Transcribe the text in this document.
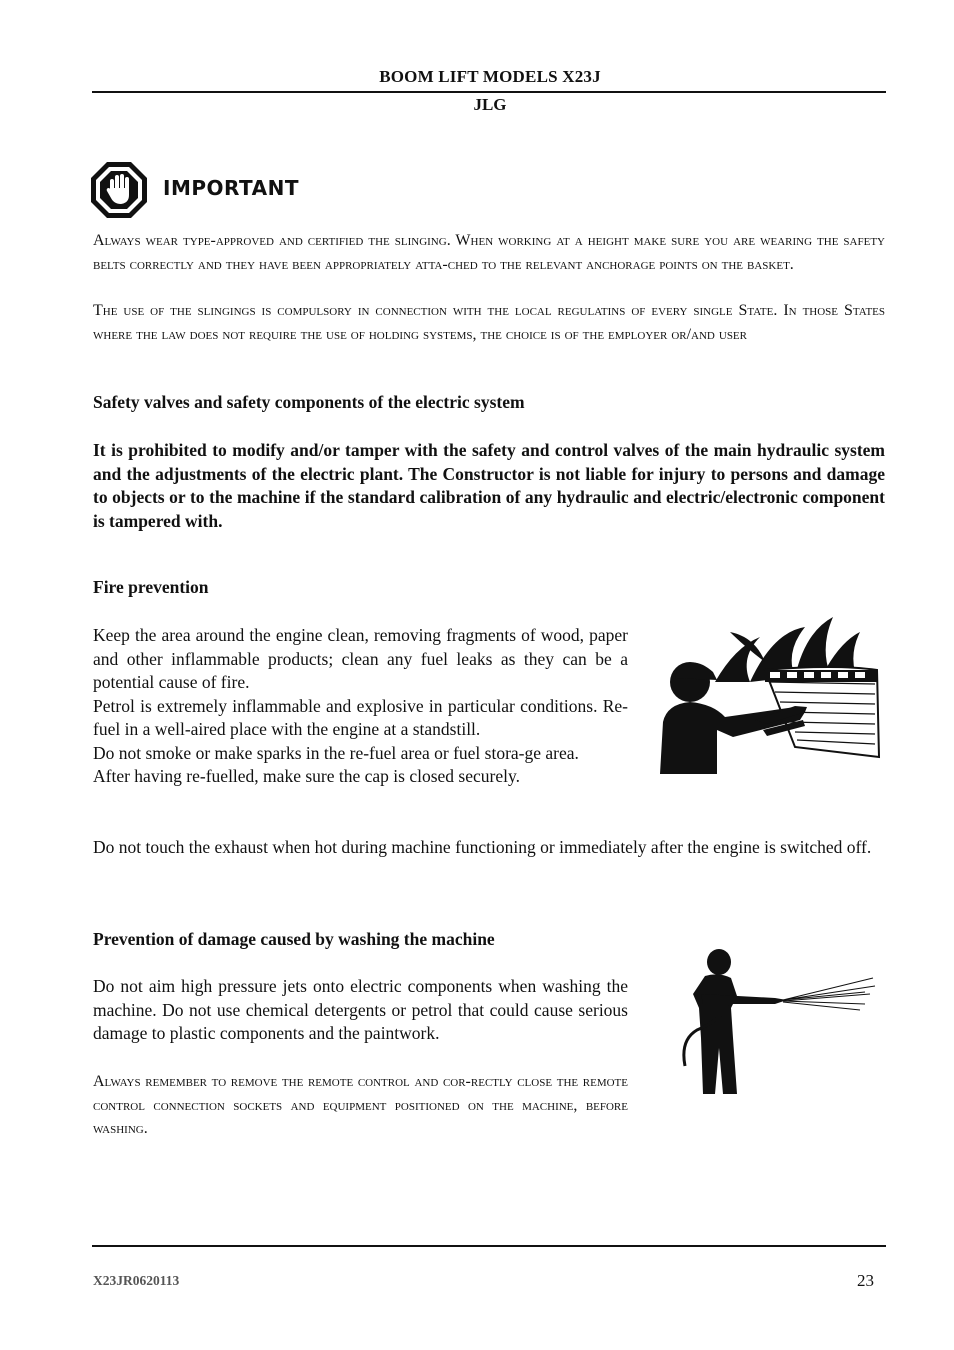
BOOM LIFT MODELS X23J
JLG
IMPORTANT

Always wear type-approved and certified the slinging. When working at a height make sure you are wearing the safety belts correctly and they have been appropriately atta-ched to the relevant anchorage points on the basket.

The use of the slingings is compulsory in connection with the local regulatins of every single State. In those States where the law does not require the use of holding systems, the choice is of the employer or/and user

Safety valves and safety components of the electric system

It is prohibited to modify and/or tamper with the safety and control valves of the main hydraulic system and the adjustments of the electric plant. The Constructor is not liable for injury to persons and damage to objects or to the machine if the standard calibration of any hydraulic and electric/electronic component is tampered with.

Fire prevention

Keep the area around the engine clean, removing fragments of wood, paper and other inflammable products; clean any fuel leaks as they can be a potential cause of fire.

Petrol is extremely inflammable and explosive in particular conditions. Re-fuel in a well-aired place with the engine at a standstill.

Do not smoke or make sparks in the re-fuel area or fuel stora-ge area.

After having re-fuelled, make sure the cap is closed securely.

Do not touch the exhaust when hot during machine functioning or immediately after the engine is switched off.

Prevention of damage caused by washing the machine

Do not aim high pressure jets onto electric components when washing the machine. Do not use chemical detergents or petrol that could cause serious damage to plastic components and the paintwork.

Always remember to remove the remote control and cor-rectly close the remote control connection sockets and equipment positioned on the machine, before washing.

X23JR0620113	23
